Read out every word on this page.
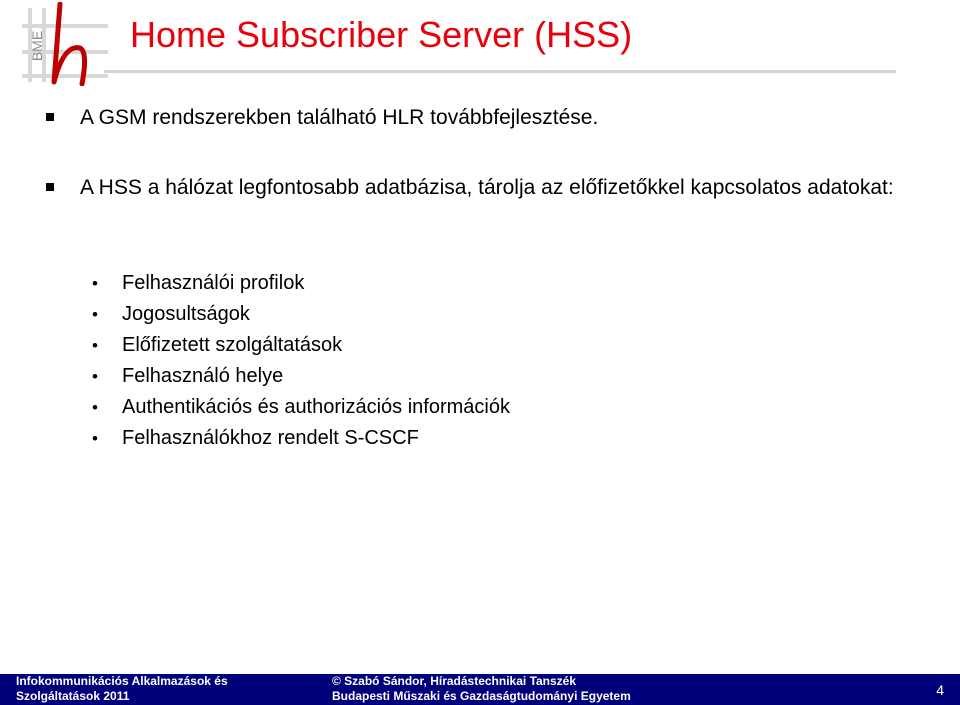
BME Home Subscriber Server (HSS)
A GSM rendszerekben található HLR továbbfejlesztése.
A HSS a hálózat legfontosabb adatbázisa, tárolja az előfizetőkkel kapcsolatos adatokat:
• Felhasználói profilok
• Jogosultságok
• Előfizetett szolgáltatások
• Felhasználó helye
• Authentikációs és authorizációs információk
• Felhasználókhoz rendelt S-CSCF
Infokommunikációs Alkalmazások és
Szolgáltatások 2011
© Szabó Sándor, Híradástechnikai Tanszék
Budapesti Műszaki és Gazdaságtudományi Egyetem	4
